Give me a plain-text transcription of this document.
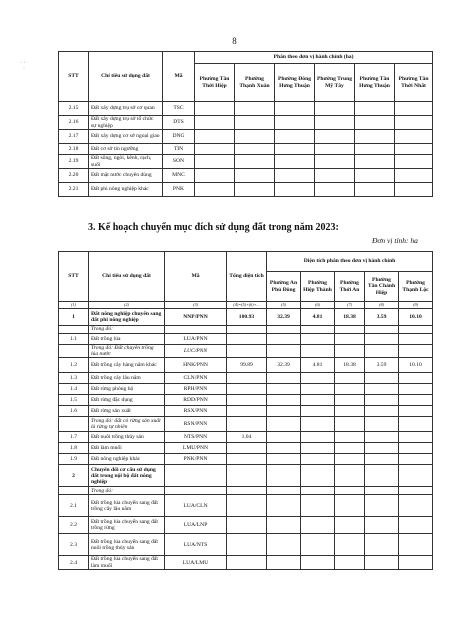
8
· ·
·
STT	Chỉ tiêu sử dụng đất	Mã	Phân theo đơn vị hành chính (ha)					
			Phường Tân Thới Hiệp	Phường Thạnh Xuân	Phường Đông Hưng Thuận	Phường Trung Mỹ Tây	Phường Tân Hưng Thuận	Phường Tân Thới Nhất
2.15	Đất xây dựng trụ sở cơ quan	TSC						
2.16	Đất xây dựng trụ sở tổ chức sự nghiệp	DTS						
2.17	Đất xây dựng cơ sở ngoại giao	DNG						
2.18	Đất cơ sở tín ngưỡng	TIN						
2.19	Đất sông, ngòi, kênh, rạch, suối	SON						
2.20	Đất mặt nước chuyên dùng	MNC						
2.21	Đất phi nông nghiệp khác	PNK						
3. Kế hoạch chuyển mục đích sử dụng đất trong năm 2023:
Đơn vị tính: ha
STT	Chỉ tiêu sử dụng đất	Mã	Tổng diện tích	Diện tích phân theo đơn vị hành chính				
				Phường An Phú Đông	Phường Hiệp Thành	Phường Thới An	Phường Tân Chánh Hiệp	Phường Thạnh Lộc
(1)	(2)	(3)	(4)=(5)+(6)+...	(5)	(6)	(7)	(8)	(9)
1	Đất nông nghiệp chuyển sang đất phi nông nghiệp	NNP/PNN	100.93	32.39	4.81	18.38	3.59	10.10
	Trong đó:							
1.1	Đất trồng lúa	LUA/PNN						
	Trong đó: Đất chuyên trồng lúa nước	LUC/PNN						
1.2	Đất trồng cây hàng năm khác	HNK/PNN	99.89	32.39	4.81	18.38	3.59	10.10
1.3	Đất trồng cây lâu năm	CLN/PNN						
1.4	Đất rừng phòng hộ	RPH/PNN						
1.5	Đất rừng đặc dụng	RDD/PNN						
1.6	Đất rừng sản xuất	RSX/PNN						
	Trong đó: đất có rừng sản xuất là rừng tự nhiên	RSN/PNN						
1.7	Đất nuôi trồng thủy sản	NTS/PNN	1.04					
1.8	Đất làm muối	LMU/PNN						
1.9	Đất nông nghiệp khác	PNK/PNN						
2	Chuyển đổi cơ cấu sử dụng đất trong nội bộ đất nông nghiệp							
	Trong đó:							
2.1	Đất trồng lúa chuyển sang đất trồng cây lâu năm	LUA/CLN						
2.2	Đất trồng lúa chuyển sang đất trồng rừng	LUA/LNP						
2.3	Đất trồng lúa chuyển sang đất nuôi trồng thủy sản	LUA/NTS						
2.4	Đất trồng lúa chuyển sang đất làm muối	LUA/LMU						
